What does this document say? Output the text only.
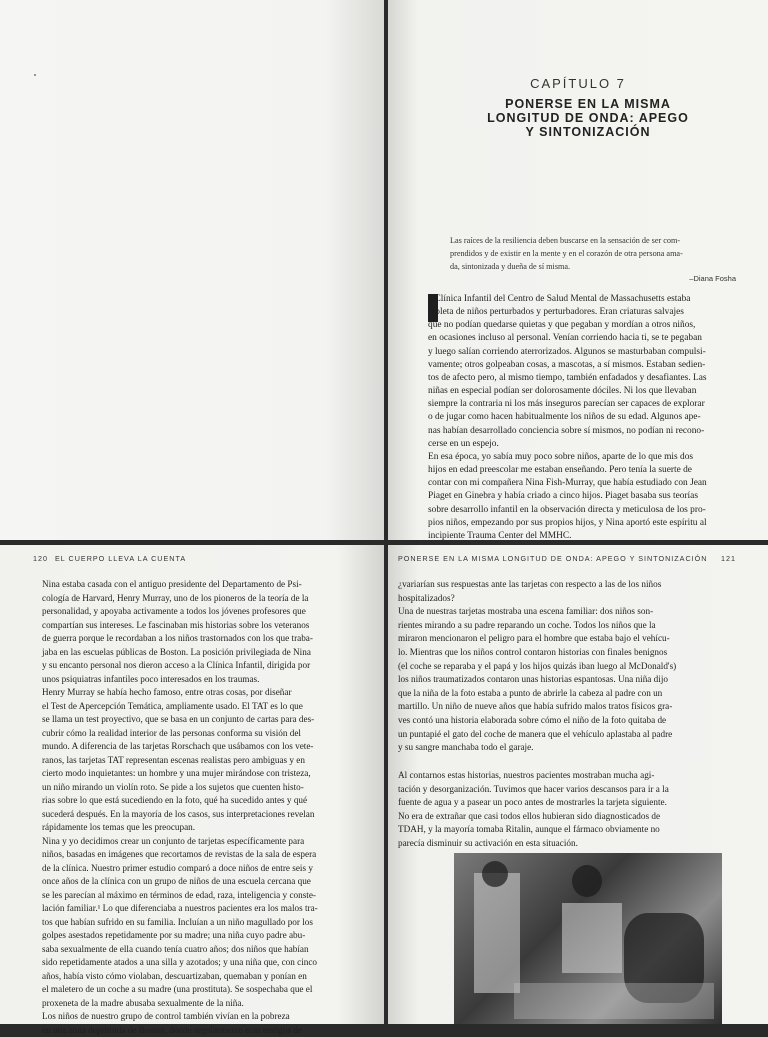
CAPÍTULO 7
PONERSE EN LA MISMA
LONGITUD DE ONDA: APEGO
Y SINTONIZACIÓN
Las raíces de la resiliencia deben buscarse en la sensación de ser com-
prendidos y de existir en la mente y en el corazón de otra persona ama-
da, sintonizada y dueña de sí misma.
–Diana Fosha
a Clínica Infantil del Centro de Salud Mental de Massachusetts estaba
repleta de niños perturbados y perturbadores. Eran criaturas salvajes
que no podían quedarse quietas y que pegaban y mordían a otros niños,
en ocasiones incluso al personal. Venían corriendo hacia ti, se te pegaban
y luego salían corriendo aterrorizados. Algunos se masturbaban compulsi-
vamente; otros golpeaban cosas, a mascotas, a sí mismos. Estaban sedien-
tos de afecto pero, al mismo tiempo, también enfadados y desafiantes. Las
niñas en especial podían ser dolorosamente dóciles. Ni los que llevaban
siempre la contraria ni los más inseguros parecían ser capaces de explorar
o de jugar como hacen habitualmente los niños de su edad. Algunos ape-
nas habían desarrollado conciencia sobre sí mismos, no podían ni recono-
cerse en un espejo.
En esa época, yo sabía muy poco sobre niños, aparte de lo que mis dos
hijos en edad preescolar me estaban enseñando. Pero tenía la suerte de
contar con mi compañera Nina Fish-Murray, que había estudiado con Jean
Piaget en Ginebra y había criado a cinco hijos. Piaget basaba sus teorías
sobre desarrollo infantil en la observación directa y meticulosa de los pro-
pios niños, empezando por sus propios hijos, y Nina aportó este espíritu al
incipiente Trauma Center del MMHC.
120 EL CUERPO LLEVA LA CUENTA
Nina estaba casada con el antiguo presidente del Departamento de Psi-
cología de Harvard, Henry Murray, uno de los pioneros de la teoría de la
personalidad, y apoyaba activamente a todos los jóvenes profesores que
compartían sus intereses. Le fascinaban mis historias sobre los veteranos
de guerra porque le recordaban a los niños trastornados con los que traba-
jaba en las escuelas públicas de Boston. La posición privilegiada de Nina
y su encanto personal nos dieron acceso a la Clínica Infantil, dirigida por
unos psiquiatras infantiles poco interesados en los traumas.
Henry Murray se había hecho famoso, entre otras cosas, por diseñar
el Test de Apercepción Temática, ampliamente usado. El TAT es lo que
se llama un test proyectivo, que se basa en un conjunto de cartas para des-
cubrir cómo la realidad interior de las personas conforma su visión del
mundo. A diferencia de las tarjetas Rorschach que usábamos con los vete-
ranos, las tarjetas TAT representan escenas realistas pero ambiguas y en
cierto modo inquietantes: un hombre y una mujer mirándose con tristeza,
un niño mirando un violín roto. Se pide a los sujetos que cuenten histo-
rias sobre lo que está sucediendo en la foto, qué ha sucedido antes y qué
sucederá después. En la mayoría de los casos, sus interpretaciones revelan
rápidamente los temas que les preocupan.
Nina y yo decidimos crear un conjunto de tarjetas específicamente para
niños, basadas en imágenes que recortamos de revistas de la sala de espera
de la clínica. Nuestro primer estudio comparó a doce niños de entre seis y
once años de la clínica con un grupo de niños de una escuela cercana que
se les parecían al máximo en términos de edad, raza, inteligencia y conste-
lación familiar.¹ Lo que diferenciaba a nuestros pacientes era los malos tra-
tos que habían sufrido en su familia. Incluían a un niño magullado por los
golpes asestados repetidamente por su madre; una niña cuyo padre abu-
saba sexualmente de ella cuando tenía cuatro años; dos niños que habían
sido repetidamente atados a una silla y azotados; y una niña que, con cinco
años, había visto cómo violaban, descuartizaban, quemaban y ponían en
el maletero de un coche a su madre (una prostituta). Se sospechaba que el
proxeneta de la madre abusaba sexualmente de la niña.
Los niños de nuestro grupo de control también vivían en la pobreza
en una zona deprimida de Boston, donde regularmente eran testigos de
PONERSE EN LA MISMA LONGITUD DE ONDA: APEGO Y SINTONIZACIÓN 121
¿variarían sus respuestas ante las tarjetas con respecto a las de los niños
hospitalizados?
Una de nuestras tarjetas mostraba una escena familiar: dos niños son-
rientes mirando a su padre reparando un coche. Todos los niños que la
miraron mencionaron el peligro para el hombre que estaba bajo el vehícu-
lo. Mientras que los niños control contaron historias con finales benignos
(el coche se reparaba y el papá y los hijos quizás iban luego al McDonald's)
los niños traumatizados contaron unas historias espantosas. Una niña dijo
que la niña de la foto estaba a punto de abrirle la cabeza al padre con un
martillo. Un niño de nueve años que había sufrido malos tratos físicos gra-
ves contó una historia elaborada sobre cómo el niño de la foto quitaba de
un puntapié el gato del coche de manera que el vehículo aplastaba al padre
y su sangre manchaba todo el garaje.
Al contarnos estas historias, nuestros pacientes mostraban mucha agi-
tación y desorganización. Tuvimos que hacer varios descansos para ir a la
fuente de agua y a pasear un poco antes de mostrarles la tarjeta siguiente.
No era de extrañar que casi todos ellos hubieran sido diagnosticados de
TDAH, y la mayoría tomaba Ritalin, aunque el fármaco obviamente no
parecía disminuir su activación en esta situación.
